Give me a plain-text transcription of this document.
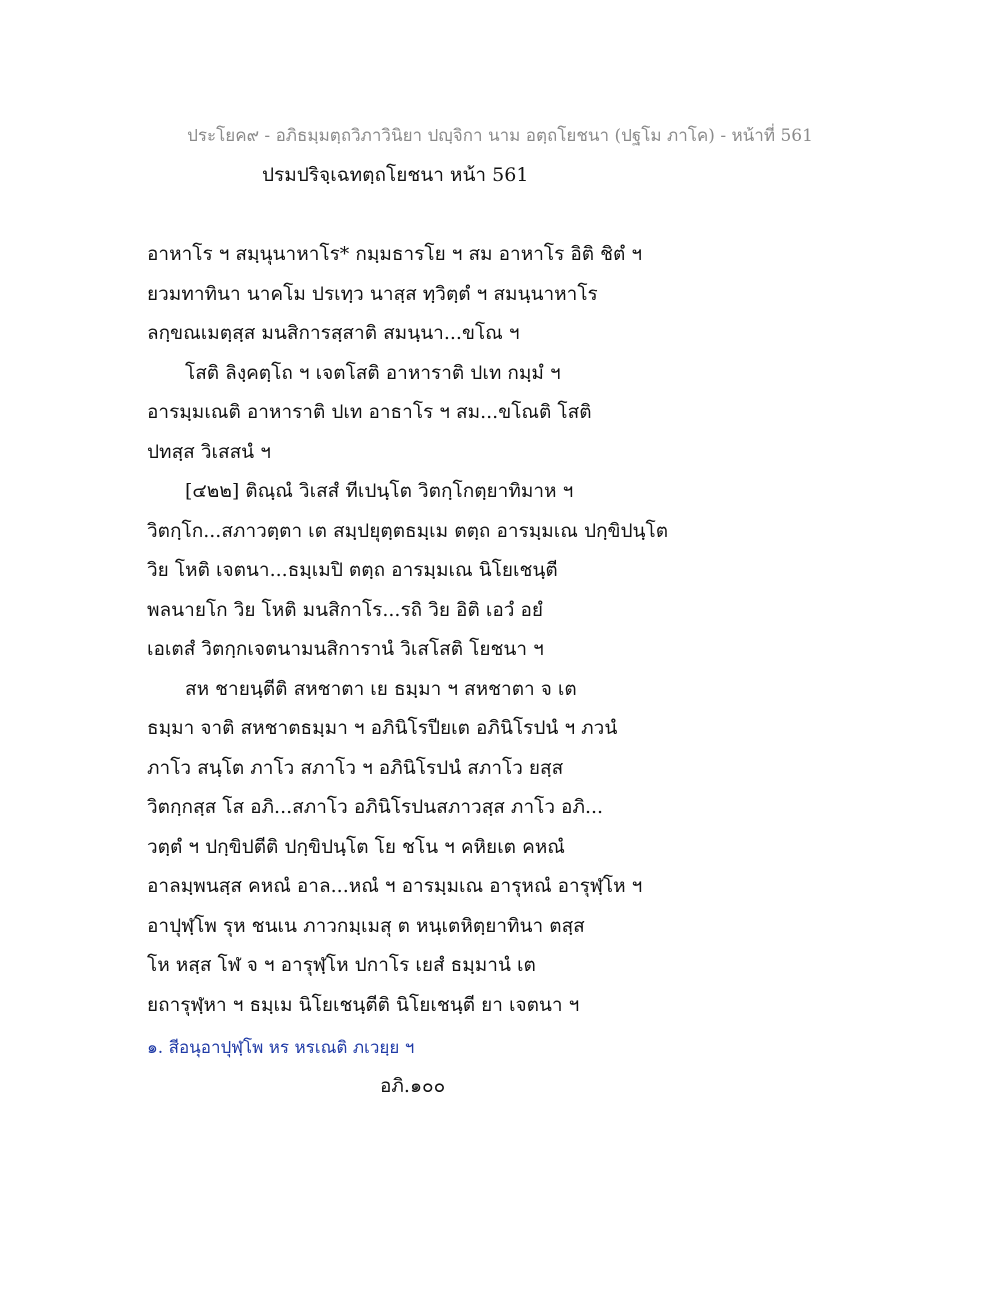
ประโยค๙ - อภิธมฺมตฺถวิภาวินิยา ปญฺจิกา นาม อตฺถโยชนา (ปฐโม ภาโค) - หน้าที่ 561
ปรมปริจฺเฉทตฺถโยชนา หน้า 561
อาหาโร ฯ สมฺนุนาหาโร* กมฺมธารโย ฯ สม อาหาโร อิติ ชิตํ ฯ
ยวมทาทินา นาคโม ปรเทฺว นาสฺส ทฺวิตฺตํ ฯ สมนฺนาหาโร
ลกฺขณเมตฺสฺส มนสิการสฺสาติ สมนฺนา...ขโณ ฯ
โสติ ลิงฺคตฺโถ ฯ เจตโสติ อาหาราติ ปเท กมฺมํ ฯ
อารมฺมเณติ อาหาราติ ปเท อาธาโร ฯ สม...ขโณติ โสติ
ปทสฺส วิเสสนํ ฯ
[๔๒๒] ติณฺณํ วิเสสํ ทีเปนฺโต วิตกฺโกตฺยาทิมาห ฯ
วิตกฺโก...สภาวตฺตา เต สมฺปยุตฺตธมฺเม ตตฺถ อารมฺมเณ ปกฺขิปนฺโต
วิย โหติ เจตนา...ธมฺเมปิ ตตฺถ อารมฺมเณ นิโยเชนฺตี
พลนายโก วิย โหติ มนสิกาโร...รถิ วิย อิติ เอวํ อยํ
เอเตสํ วิตกฺกเจตนามนสิการานํ วิเสโสติ โยชนา ฯ
สห ชายนฺตีติ สหชาตา เย ธมฺมา ฯ สหชาตา จ เต
ธมฺมา จาติ สหชาตธมฺมา ฯ อภินิโรปียเต อภินิโรปนํ ฯ ภวนํ
ภาโว สนฺโต ภาโว สภาโว ฯ อภินิโรปนํ สภาโว ยสฺส
วิตกฺกสฺส โส อภิ...สภาโว อภินิโรปนสภาวสฺส ภาโว อภิ...
วตฺตํ ฯ ปกฺขิปตีติ ปกฺขิปนฺโต โย ชโน ฯ คหิยเต คหณํ
อาลมฺพนสฺส คหณํ อาล...หณํ ฯ อารมฺมเณ อารุหณํ อารุฬฺโห ฯ
อาปุฬฺโพ รุห ชนเน ภาวกมฺเมสุ ต หนฺเตหิตฺยาทินา ตสฺส
โห หสฺส โฬ จ ฯ อารุฬฺโห ปกาโร เยสํ ธมฺมานํ เต
ยถารุฬฺหา ฯ ธมฺเม นิโยเชนฺตีติ นิโยเชนฺตี ยา เจตนา ฯ
๑. สีอนุอาปุฬฺโพ หร หรเณติ ภเวยฺย ฯ
อภิ.๑๐๐
